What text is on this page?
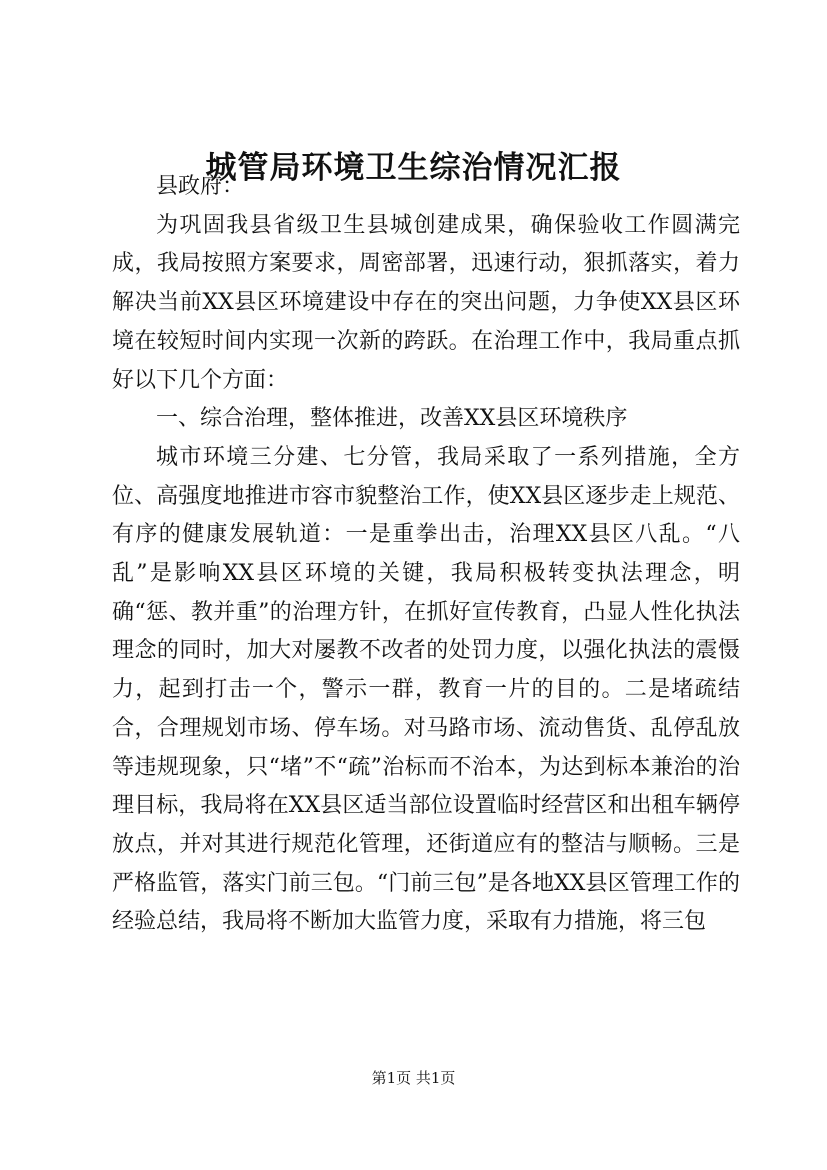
城管局环境卫生综治情况汇报

县政府：

为巩固我县省级卫生县城创建成果，确保验收工作圆满完成，我局按照方案要求，周密部署，迅速行动，狠抓落实，着力解决当前XX县区环境建设中存在的突出问题，力争使XX县区环境在较短时间内实现一次新的跨跃。在治理工作中，我局重点抓好以下几个方面：

一、综合治理，整体推进，改善XX县区环境秩序

城市环境三分建、七分管，我局采取了一系列措施，全方位、高强度地推进市容市貌整治工作，使XX县区逐步走上规范、有序的健康发展轨道：一是重拳出击，治理XX县区八乱。“八乱”是影响XX县区环境的关键，我局积极转变执法理念，明确“惩、教并重”的治理方针，在抓好宣传教育，凸显人性化执法理念的同时，加大对屡教不改者的处罚力度，以强化执法的震慑力，起到打击一个，警示一群，教育一片的目的。二是堵疏结合，合理规划市场、停车场。对马路市场、流动售货、乱停乱放等违规现象，只“堵”不“疏”治标而不治本，为达到标本兼治的治理目标，我局将在XX县区适当部位设置临时经营区和出租车辆停放点，并对其进行规范化管理，还街道应有的整洁与顺畅。三是严格监管，落实门前三包。“门前三包”是各地XX县区管理工作的经验总结，我局将不断加大监管力度，采取有力措施，将三包

第1页 共1页
